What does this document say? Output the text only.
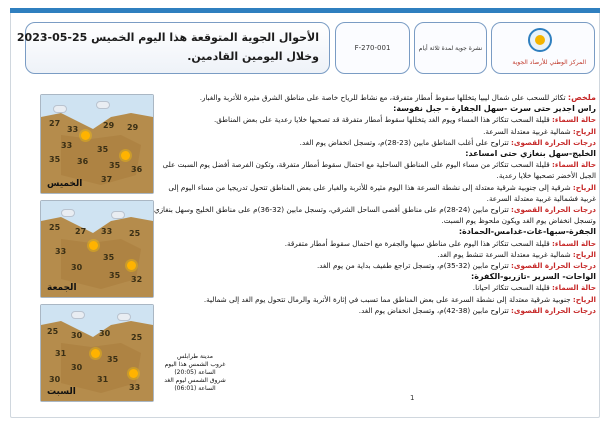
الأحوال الجوية المتوقعة هذا اليوم الخميس 25-05-2023
وخلال اليومين القادمين.
F-270-001	نشرة جوية لمدة ثلاثة أيام
المركز الوطني للأرصاد الجوية

ملخص: تكاثر للسحب على شمال ليبيا يتخللها سقوط أمطار متفرقة، مع نشاط للرياح خاصة على مناطق الشرق مثيرة للأتربة والغبار.

راس اجدير حتى سرت -سهل الجفارة – جبل نفوسة:

حالة السماء: قليلة السحب تتكاثر هذا المساء ويوم الغد يتخللها سقوط أمطار متفرقة قد تصحبها خلايا رعدية على بعض المناطق.

الرياح: شمالية غربية معتدلة السرعة.

درجات الحرارة القصوى: تتراوح على أغلب المناطق مابين (23-28)م، وتسجل انخفاض يوم الغد.

الخليج-سهل بنغازي حتى امساعد:

حالة السماء: قليلة السحب تتكاثر من مساء اليوم على المناطق الساحلية مع احتمال سقوط أمطار متفرقة، وتكون الفرصة أفضل يوم السبت على

الجبل الأخضر تصحبها خلايا رعدية.

الرياح: شرقية إلى جنوبية شرقية معتدلة إلى نشطة السرعة هذا اليوم مثيرة للأتربة والغبار على بعض المناطق تتحول تدريجيا من مساء اليوم إلى

غربية فشمالية غربية معتدلة السرعة.

درجات الحرارة القصوى: تتراوح مابين (24-28)م على مناطق أقصى الساحل الشرقي، وتسجل مابين (32-36)م على مناطق الخليج وسهل بنغازي

وتسجل انخفاض يوم الغد ويكون ملحوظ يوم السبت.

الجفرة-سبها-غات-غدامس-الحمادة:

حالة السماء: قليلة السحب تتكاثر هذا اليوم على مناطق سبها والجفرة مع احتمال سقوط أمطار متفرقة.

الرياح: شمالية غربية معتدلة السرعة تنشط يوم الغد.

درجات الحرارة القصوى: تتراوح مابين (32-35)م، وتسجل تراجع طفيف بداية من يوم الغد.

الواحات- السرير -تازربو-الكفرة:

حالة السماء: قليلة السحب تتكاثر احيانا.

الرياح: جنوبية شرقية معتدلة إلى نشطة السرعة على بعض المناطق مما تسبب في إثارة الأتربة والرمال تتحول يوم الغد إلى شمالية.

درجات الحرارة القصوى: تتراوح مابين (38-42)م، وتسجل انخفاض يوم الغد.

27
33	29 29
33	35
35 36	35 36
37
الخميس
25 27 33 25
33
35
30
35 32
الجمعة
25 30 30	25
31
35
30
30	31
33
السبت
مدينة طرابلس
غروب الشمس هذا اليوم الساعة (20:05)
شروق الشمس ليوم الغد الساعة (06:01)
1
